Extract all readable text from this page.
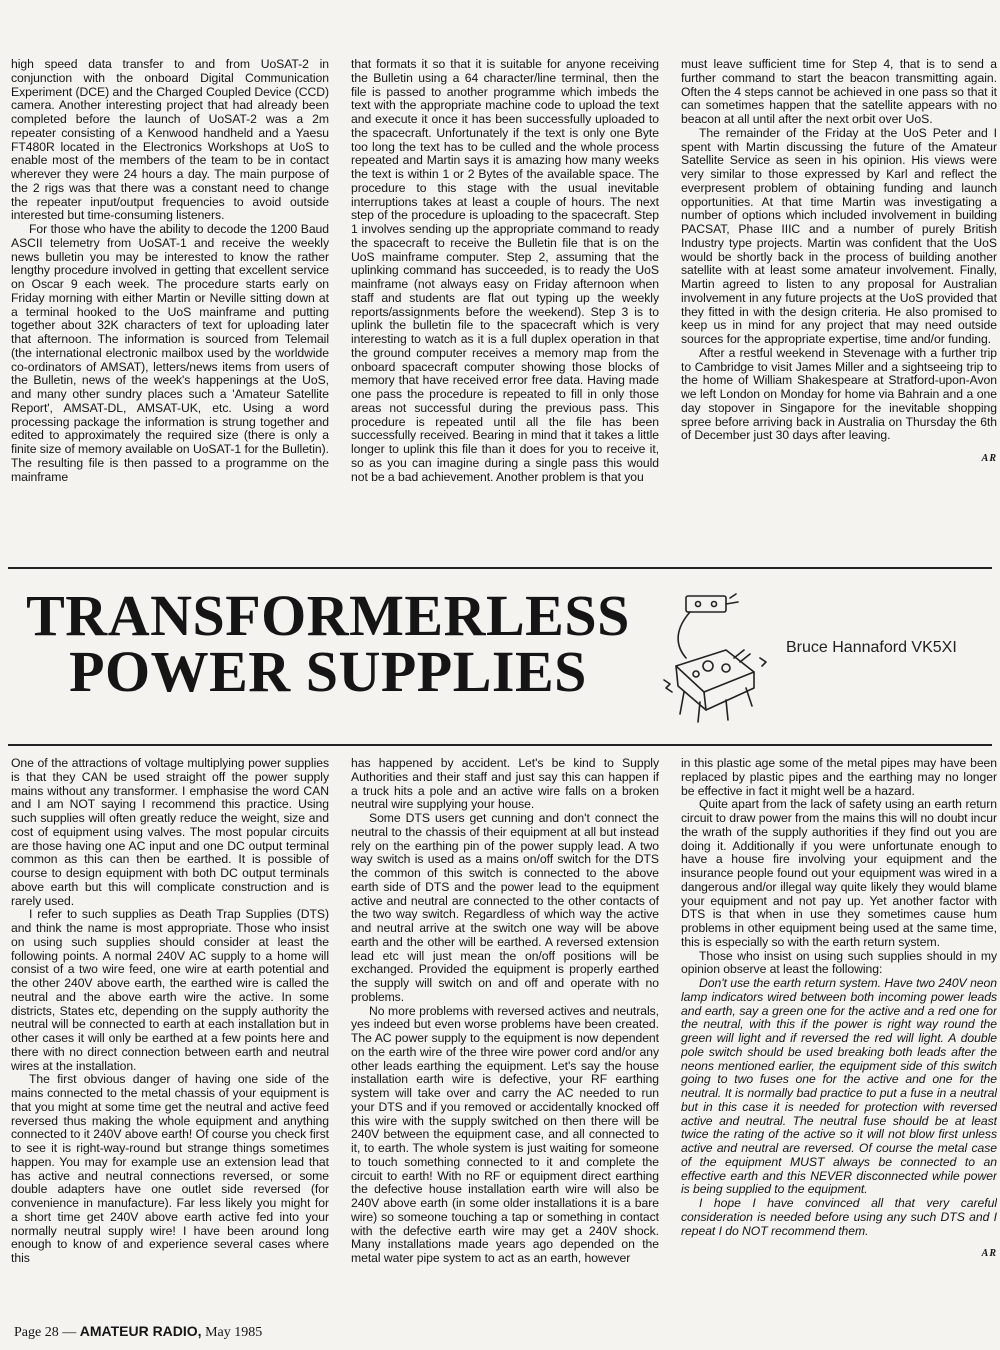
high speed data transfer to and from UoSAT-2 in conjunction with the onboard Digital Communication Experiment (DCE) and the Charged Coupled Device (CCD) camera. Another interesting project that had already been completed before the launch of UoSAT-2 was a 2m repeater consisting of a Kenwood handheld and a Yaesu FT480R located in the Electronics Workshops at UoS to enable most of the members of the team to be in contact wherever they were 24 hours a day. The main purpose of the 2 rigs was that there was a constant need to change the repeater input/output frequencies to avoid outside interested but time-consuming listeners.

For those who have the ability to decode the 1200 Baud ASCII telemetry from UoSAT-1 and receive the weekly news bulletin you may be interested to know the rather lengthy procedure involved in getting that excellent service on Oscar 9 each week. The procedure starts early on Friday morning with either Martin or Neville sitting down at a terminal hooked to the UoS mainframe and putting together about 32K characters of text for uploading later that afternoon. The information is sourced from Telemail (the international electronic mailbox used by the worldwide co-ordinators of AMSAT), letters/news items from users of the Bulletin, news of the week's happenings at the UoS, and many other sundry places such a 'Amateur Satellite Report', AMSAT-DL, AMSAT-UK, etc. Using a word processing package the information is strung together and edited to approximately the required size (there is only a finite size of memory available on UoSAT-1 for the Bulletin). The resulting file is then passed to a programme on the mainframe

that formats it so that it is suitable for anyone receiving the Bulletin using a 64 character/line terminal, then the file is passed to another programme which imbeds the text with the appropriate machine code to upload the text and execute it once it has been successfully uploaded to the spacecraft. Unfortunately if the text is only one Byte too long the text has to be culled and the whole process repeated and Martin says it is amazing how many weeks the text is within 1 or 2 Bytes of the available space. The procedure to this stage with the usual inevitable interruptions takes at least a couple of hours. The next step of the procedure is uploading to the spacecraft. Step 1 involves sending up the appropriate command to ready the spacecraft to receive the Bulletin file that is on the UoS mainframe computer. Step 2, assuming that the uplinking command has succeeded, is to ready the UoS mainframe (not always easy on Friday afternoon when staff and students are flat out typing up the weekly reports/assignments before the weekend). Step 3 is to uplink the bulletin file to the spacecraft which is very interesting to watch as it is a full duplex operation in that the ground computer receives a memory map from the onboard spacecraft computer showing those blocks of memory that have received error free data. Having made one pass the procedure is repeated to fill in only those areas not successful during the previous pass. This procedure is repeated until all the file has been successfully received. Bearing in mind that it takes a little longer to uplink this file than it does for you to receive it, so as you can imagine during a single pass this would not be a bad achievement. Another problem is that you

must leave sufficient time for Step 4, that is to send a further command to start the beacon transmitting again. Often the 4 steps cannot be achieved in one pass so that it can sometimes happen that the satellite appears with no beacon at all until after the next orbit over UoS.

The remainder of the Friday at the UoS Peter and I spent with Martin discussing the future of the Amateur Satellite Service as seen in his opinion. His views were very similar to those expressed by Karl and reflect the everpresent problem of obtaining funding and launch opportunities. At that time Martin was investigating a number of options which included involvement in building PACSAT, Phase IIIC and a number of purely British Industry type projects. Martin was confident that the UoS would be shortly back in the process of building another satellite with at least some amateur involvement. Finally, Martin agreed to listen to any proposal for Australian involvement in any future projects at the UoS provided that they fitted in with the design criteria. He also promised to keep us in mind for any project that may need outside sources for the appropriate expertise, time and/or funding.

After a restful weekend in Stevenage with a further trip to Cambridge to visit James Miller and a sightseeing trip to the home of William Shakespeare at Stratford-upon-Avon we left London on Monday for home via Bahrain and a one day stopover in Singapore for the inevitable shopping spree before arriving back in Australia on Thursday the 6th of December just 30 days after leaving.

AR
TRANSFORMERLESS
POWER SUPPLIES	Bruce Hannaford VK5XI

One of the attractions of voltage multiplying power supplies is that they CAN be used straight off the power supply mains without any transformer. I emphasise the word CAN and I am NOT saying I recommend this practice. Using such supplies will often greatly reduce the weight, size and cost of equipment using valves. The most popular circuits are those having one AC input and one DC output terminal common as this can then be earthed. It is possible of course to design equipment with both DC output terminals above earth but this will complicate construction and is rarely used.

I refer to such supplies as Death Trap Supplies (DTS) and think the name is most appropriate. Those who insist on using such supplies should consider at least the following points. A normal 240V AC supply to a home will consist of a two wire feed, one wire at earth potential and the other 240V above earth, the earthed wire is called the neutral and the above earth wire the active. In some districts, States etc, depending on the supply authority the neutral will be connected to earth at each installation but in other cases it will only be earthed at a few points here and there with no direct connection between earth and neutral wires at the installation.

The first obvious danger of having one side of the mains connected to the metal chassis of your equipment is that you might at some time get the neutral and active feed reversed thus making the whole equipment and anything connected to it 240V above earth! Of course you check first to see it is right-way-round but strange things sometimes happen. You may for example use an extension lead that has active and neutral connections reversed, or some double adapters have one outlet side reversed (for convenience in manufacture). Far less likely you might for a short time get 240V above earth active fed into your normally neutral supply wire! I have been around long enough to know of and experience several cases where this

has happened by accident. Let's be kind to Supply Authorities and their staff and just say this can happen if a truck hits a pole and an active wire falls on a broken neutral wire supplying your house.

Some DTS users get cunning and don't connect the neutral to the chassis of their equipment at all but instead rely on the earthing pin of the power supply lead. A two way switch is used as a mains on/off switch for the DTS the common of this switch is connected to the above earth side of DTS and the power lead to the equipment active and neutral are connected to the other contacts of the two way switch. Regardless of which way the active and neutral arrive at the switch one way will be above earth and the other will be earthed. A reversed extension lead etc will just mean the on/off positions will be exchanged. Provided the equipment is properly earthed the supply will switch on and off and operate with no problems.

No more problems with reversed actives and neutrals, yes indeed but even worse problems have been created. The AC power supply to the equipment is now dependent on the earth wire of the three wire power cord and/or any other leads earthing the equipment. Let's say the house installation earth wire is defective, your RF earthing system will take over and carry the AC needed to run your DTS and if you removed or accidentally knocked off this wire with the supply switched on then there will be 240V between the equipment case, and all connected to it, to earth. The whole system is just waiting for someone to touch something connected to it and complete the circuit to earth! With no RF or equipment direct earthing the defective house installation earth wire will also be 240V above earth (in some older installations it is a bare wire) so someone touching a tap or something in contact with the defective earth wire may get a 240V shock. Many installations made years ago depended on the metal water pipe system to act as an earth, however

in this plastic age some of the metal pipes may have been replaced by plastic pipes and the earthing may no longer be effective in fact it might well be a hazard.

Quite apart from the lack of safety using an earth return circuit to draw power from the mains this will no doubt incur the wrath of the supply authorities if they find out you are doing it. Additionally if you were unfortunate enough to have a house fire involving your equipment and the insurance people found out your equipment was wired in a dangerous and/or illegal way quite likely they would blame your equipment and not pay up. Yet another factor with DTS is that when in use they sometimes cause hum problems in other equipment being used at the same time, this is especially so with the earth return system.

Those who insist on using such supplies should in my opinion observe at least the following:

Don't use the earth return system. Have two 240V neon lamp indicators wired between both incoming power leads and earth, say a green one for the active and a red one for the neutral, with this if the power is right way round the green will light and if reversed the red will light. A double pole switch should be used breaking both leads after the neons mentioned earlier, the equipment side of this switch going to two fuses one for the active and one for the neutral. It is normally bad practice to put a fuse in a neutral but in this case it is needed for protection with reversed active and neutral. The neutral fuse should be at least twice the rating of the active so it will not blow first unless active and neutral are reversed. Of course the metal case of the equipment MUST always be connected to an effective earth and this NEVER disconnected while power is being supplied to the equipment.

I hope I have convinced all that very careful consideration is needed before using any such DTS and I repeat I do NOT recommend them.

AR
Page 28 — AMATEUR RADIO, May 1985
